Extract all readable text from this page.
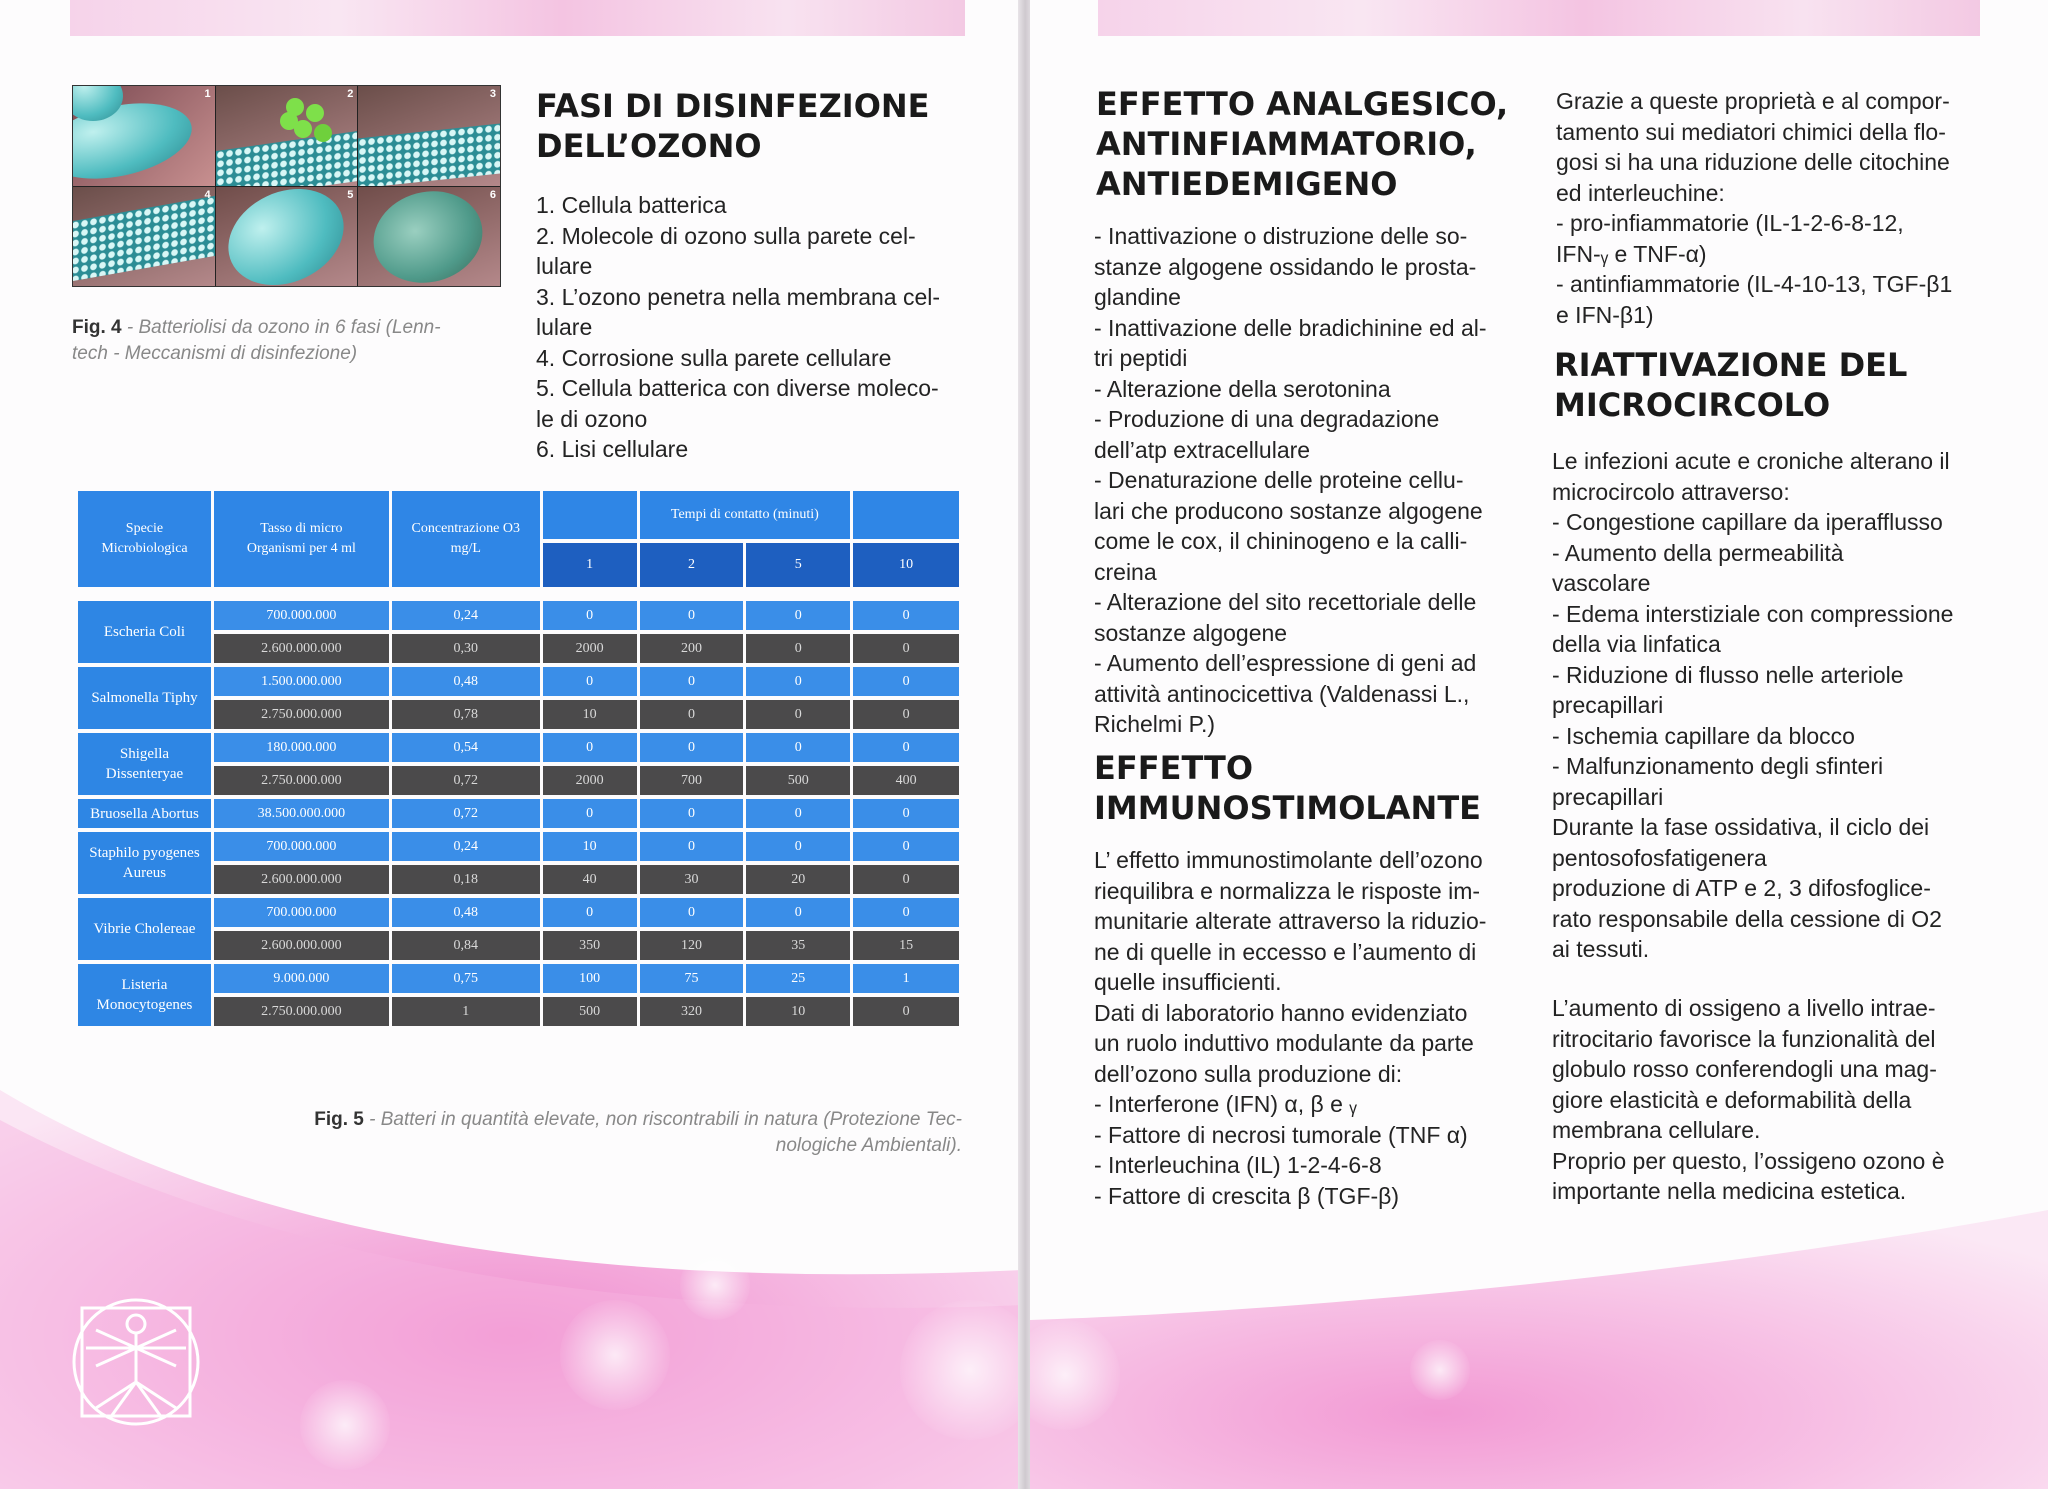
1	2	3
4	5	6
Fig. 4 - Batteriolisi da ozono in 6 fasi (Lenn-
tech - Meccanismi di disinfezione)
FASI DI DISINFEZIONE
DELL’OZONO
1. Cellula batterica
2. Molecole di ozono sulla parete cel-
lulare
3. L’ozono penetra nella membrana cel-
lulare
4. Corrosione sulla parete cellulare
5. Cellula batterica con diverse moleco-
le di ozono
6. Lisi cellulare
Specie Microbiologica	Tasso di micro Organismi per 4 ml	Concentrazione O3 mg/L		Tempi di contatto (minuti)		
			1	2	5	10

Escheria Coli	700.000.000	0,24	0	0	0	0
	2.600.000.000	0,30	2000	200	0	0
Salmonella Tiphy	1.500.000.000	0,48	0	0	0	0
	2.750.000.000	0,78	10	0	0	0
Shigella Dissenteryae	180.000.000	0,54	0	0	0	0
	2.750.000.000	0,72	2000	700	500	400
Bruosella Abortus	38.500.000.000	0,72	0	0	0	0
Staphilo pyogenes Aureus	700.000.000	0,24	10	0	0	0
	2.600.000.000	0,18	40	30	20	0
Vibrie Cholereae	700.000.000	0,48	0	0	0	0
	2.600.000.000	0,84	350	120	35	15
Listeria Monocytogenes	9.000.000	0,75	100	75	25	1
	2.750.000.000	1	500	320	10	0
Fig. 5 - Batteri in quantità elevate, non riscontrabili in natura (Protezione Tec-
nologiche Ambientali).
EFFETTO ANALGESICO,
ANTINFIAMMATORIO,
ANTIEDEMIGENO
- Inattivazione o distruzione delle so-
stanze algogene ossidando le prosta-
glandine
- Inattivazione delle bradichinine ed al-
tri peptidi
- Alterazione della serotonina
- Produzione di una degradazione
dell’atp extracellulare
- Denaturazione delle proteine cellu-
lari che producono sostanze algogene
come le cox, il chininogeno e la calli-
creina
- Alterazione del sito recettoriale delle
sostanze algogene
- Aumento dell’espressione di geni ad
attività antinocicettiva (Valdenassi L.,
Richelmi P.)
EFFETTO
IMMUNOSTIMOLANTE
L’ effetto immunostimolante dell’ozono
riequilibra e normalizza le risposte im-
munitarie alterate attraverso la riduzio-
ne di quelle in eccesso e l’aumento di
quelle insufficienti.
Dati di laboratorio hanno evidenziato
un ruolo induttivo modulante da parte
dell’ozono sulla produzione di:
- Interferone (IFN) α, β e ᵧ
- Fattore di necrosi tumorale (TNF α)
- Interleuchina (IL) 1-2-4-6-8
- Fattore di crescita β (TGF-β)
Grazie a queste proprietà e al compor-
tamento sui mediatori chimici della flo-
gosi si ha una riduzione delle citochine
ed interleuchine:
- pro-infiammatorie (IL-1-2-6-8-12,
IFN-ᵧ e TNF-α)
- antinfiammatorie (IL-4-10-13, TGF-β1
e IFN-β1)
RIATTIVAZIONE DEL
MICROCIRCOLO
Le infezioni acute e croniche alterano il
microcircolo attraverso:
- Congestione capillare da iperafflusso
- Aumento della permeabilità
vascolare
- Edema interstiziale con compressione
della via linfatica
- Riduzione di flusso nelle arteriole
precapillari
- Ischemia capillare da blocco
- Malfunzionamento degli sfinteri
precapillari
Durante la fase ossidativa, il ciclo dei
pentosofosfatigenera
produzione di ATP e 2, 3 difosfoglice-
rato responsabile della cessione di O2
ai tessuti.
L’aumento di ossigeno a livello intrae-
ritrocitario favorisce la funzionalità del
globulo rosso conferendogli una mag-
giore elasticità e deformabilità della
membrana cellulare.
Proprio per questo, l’ossigeno ozono è
importante nella medicina estetica.
